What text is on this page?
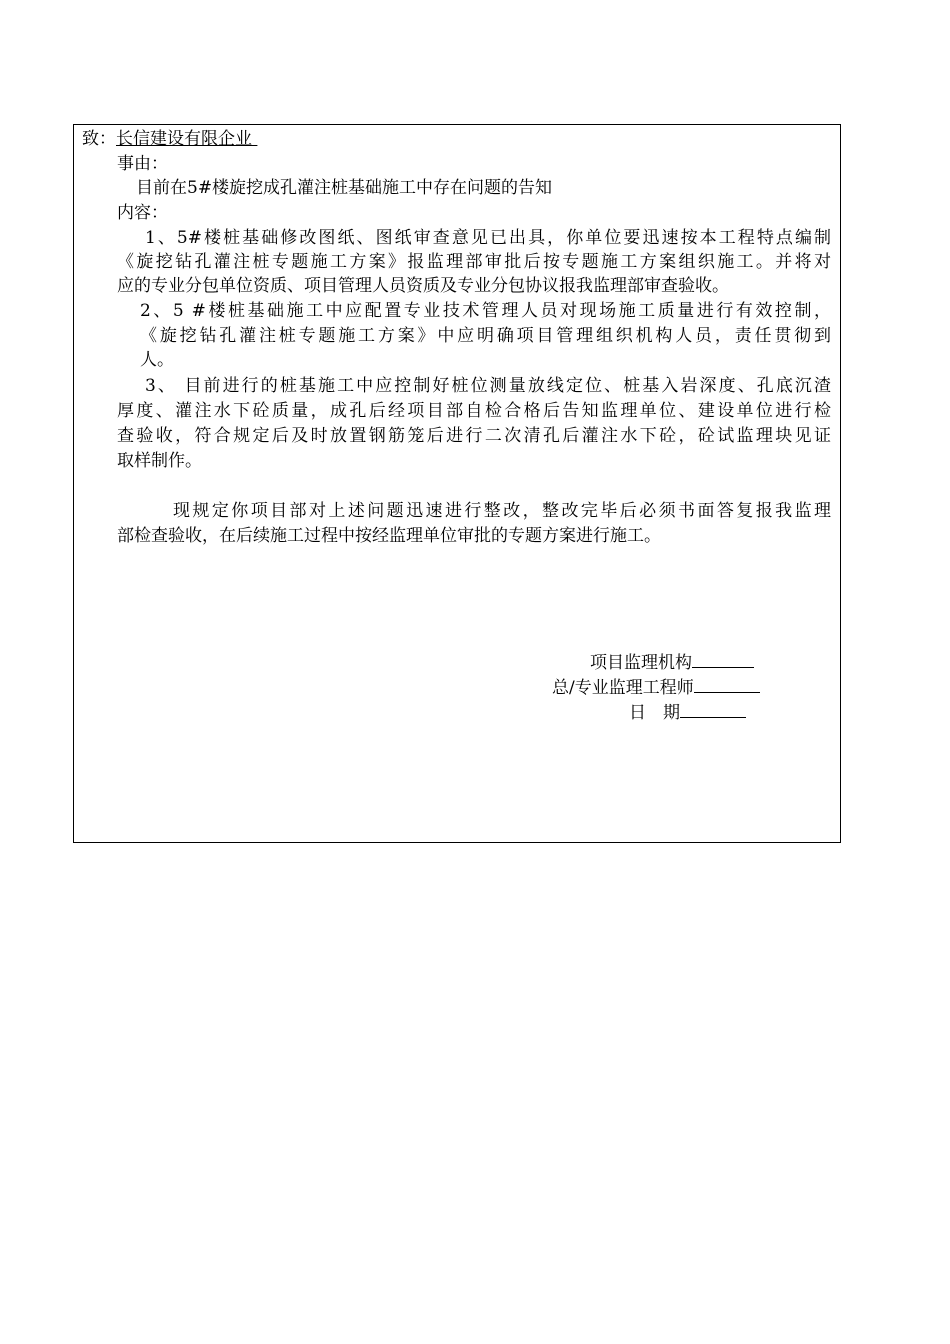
致：长信建设有限企业
事由：
目前在5#楼旋挖成孔灌注桩基础施工中存在问题的告知
内容：
1、5#楼桩基础修改图纸、图纸审查意见已出具，你单位要迅速按本工程特点编制
《旋挖钻孔灌注桩专题施工方案》报监理部审批后按专题施工方案组织施工。并将对
应的专业分包单位资质、项目管理人员资质及专业分包协议报我监理部审查验收。
2、5 #楼桩基础施工中应配置专业技术管理人员对现场施工质量进行有效控制，
《旋挖钻孔灌注桩专题施工方案》中应明确项目管理组织机构人员，责任贯彻到
人。
3、 目前进行的桩基施工中应控制好桩位测量放线定位、桩基入岩深度、孔底沉渣
厚度、灌注水下砼质量，成孔后经项目部自检合格后告知监理单位、建设单位进行检
查验收，符合规定后及时放置钢筋笼后进行二次清孔后灌注水下砼，砼试监理块见证
取样制作。
现规定你项目部对上述问题迅速进行整改，整改完毕后必须书面答复报我监理
部检查验收，在后续施工过程中按经监理单位审批的专题方案进行施工。
项目监理机构
总/专业监理工程师
日　期
